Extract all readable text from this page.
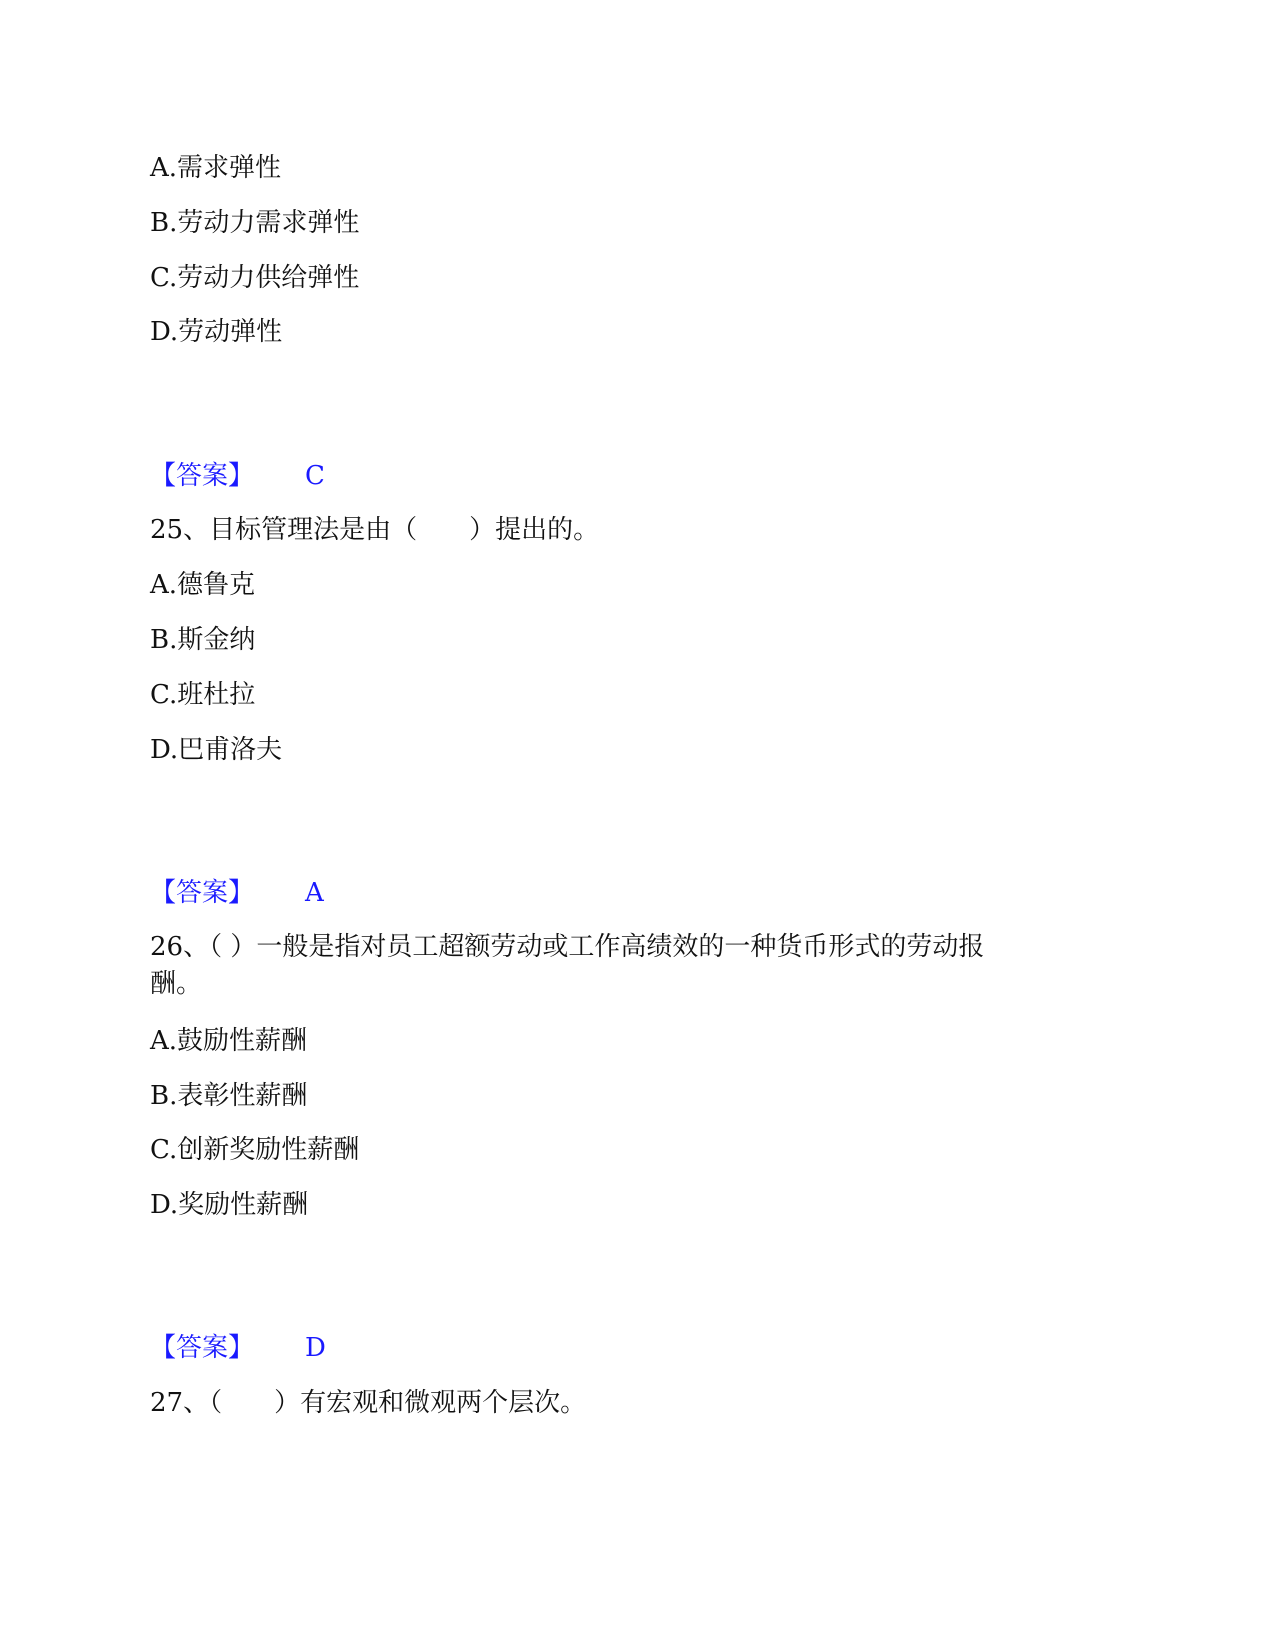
A.需求弹性
B.劳动力需求弹性
C.劳动力供给弹性
D.劳动弹性
【答案】 C
25、目标管理法是由（　　）提出的。
A.德鲁克
B.斯金纳
C.班杜拉
D.巴甫洛夫
【答案】 A
26、（ ）一般是指对员工超额劳动或工作高绩效的一种货币形式的劳动报
酬。
A.鼓励性薪酬
B.表彰性薪酬
C.创新奖励性薪酬
D.奖励性薪酬
【答案】 D
27、（　　）有宏观和微观两个层次。
